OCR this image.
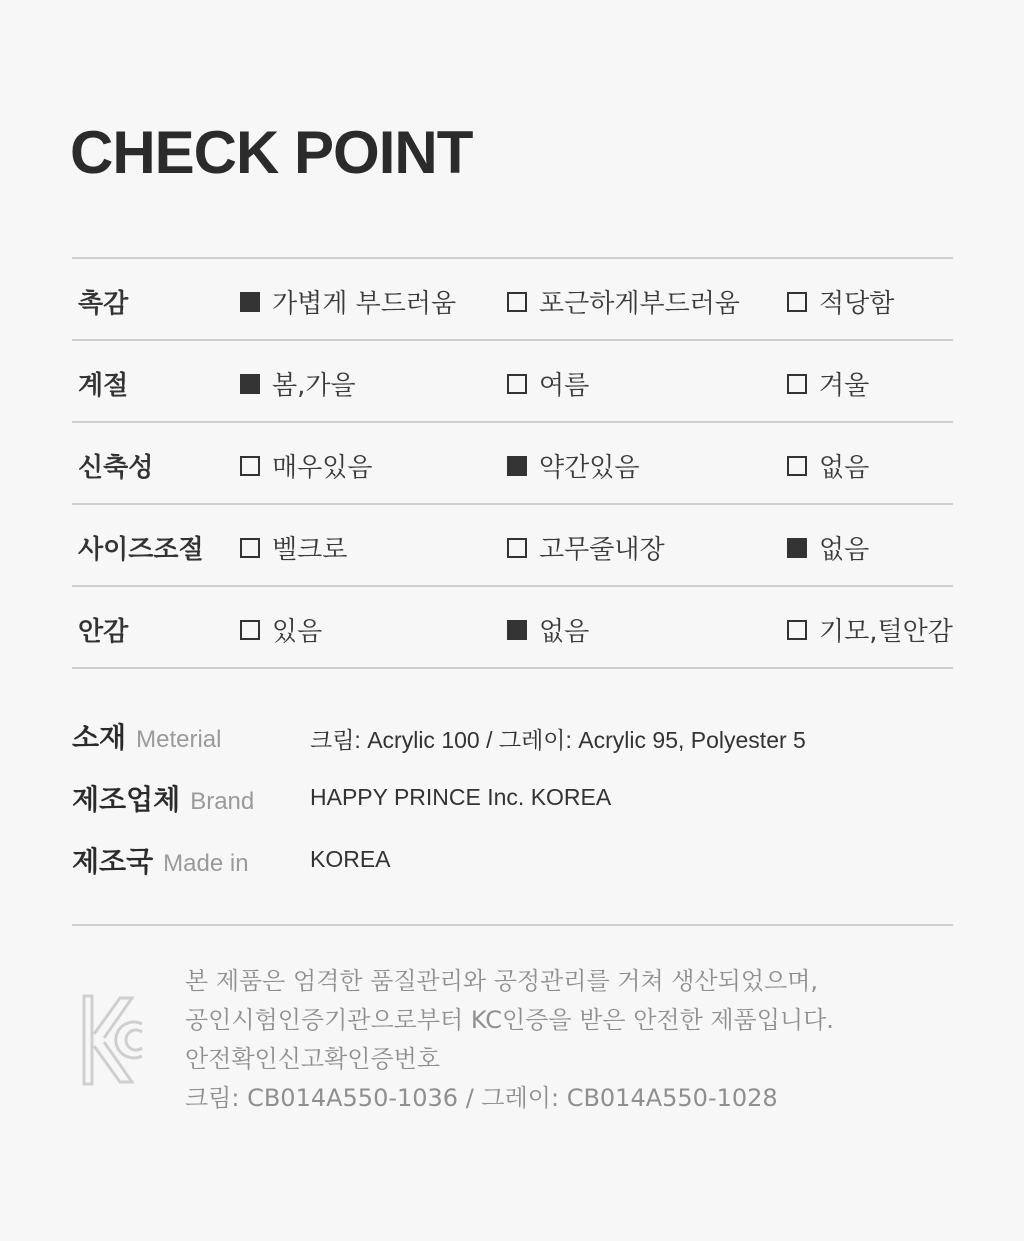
CHECK POINT
촉감	가볍게 부드러움	포근하게부드러움	적당함
계절	봄,가을	여름	겨울
신축성	매우있음	약간있음	없음
사이즈조절	벨크로	고무줄내장	없음
안감	있음	없음	기모,털안감
소재 Meterial	크림: Acrylic 100 / 그레이: Acrylic 95, Polyester 5
제조업체 Brand HAPPY PRINCE Inc. KOREA
제조국 Made in	KOREA
본 제품은 엄격한 품질관리와 공정관리를 거쳐 생산되었으며,
공인시험인증기관으로부터 KC인증을 받은 안전한 제품입니다.
안전확인신고확인증번호
크림: CB014A550-1036 / 그레이: CB014A550-1028
